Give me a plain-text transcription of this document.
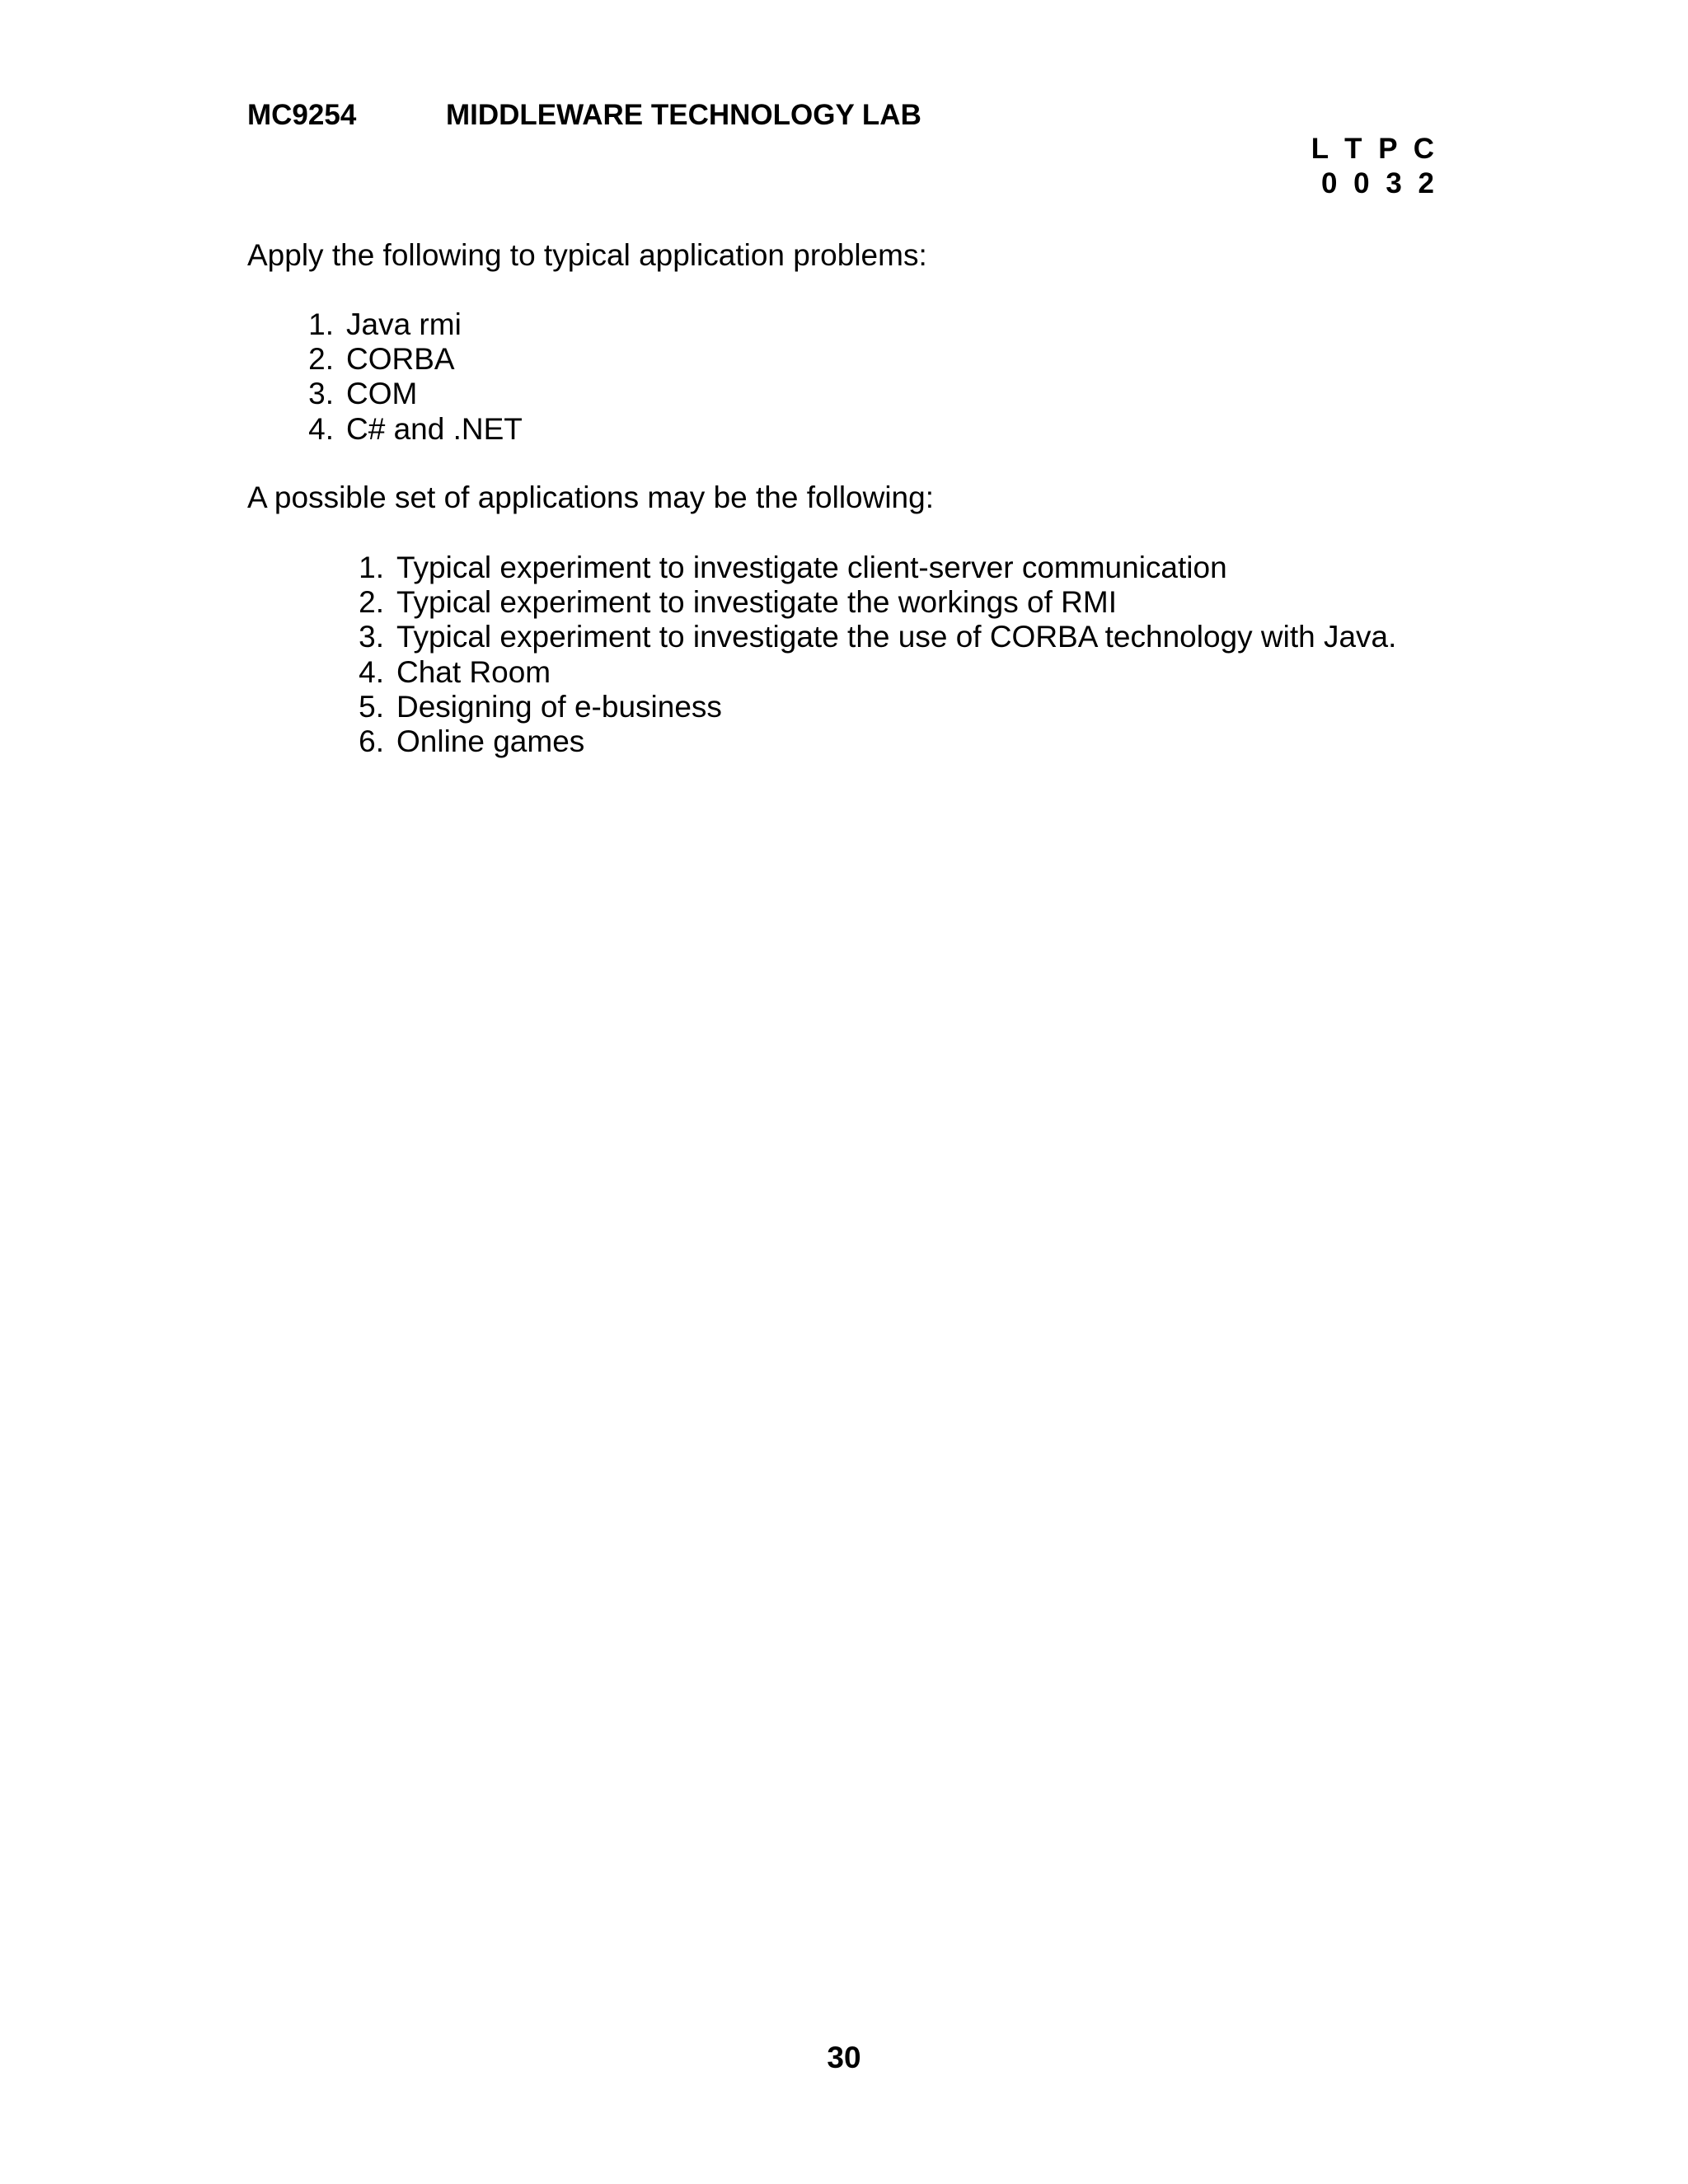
MC9254	MIDDLEWARE TECHNOLOGY LAB
L T P C
0 0 3 2
Apply the following to typical application problems:
1. Java rmi
2. CORBA
3. COM
4. C# and .NET
A possible set of applications may be the following:
1. Typical experiment to investigate client-server communication
2. Typical experiment to investigate the workings of RMI
3. Typical experiment to investigate the use of CORBA technology with Java.
4. Chat Room
5. Designing of e-business
6. Online games
30
